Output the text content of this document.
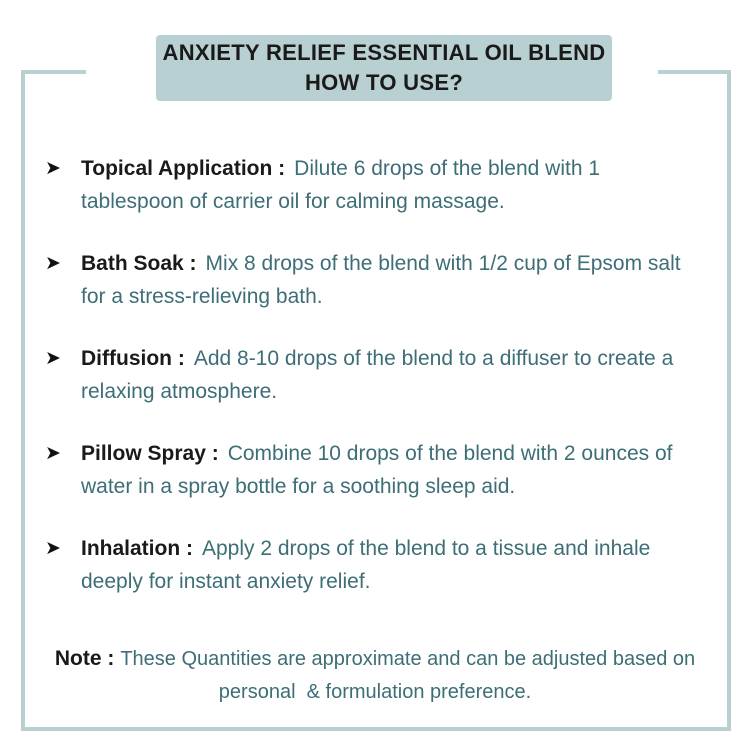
ANXIETY RELIEF ESSENTIAL OIL BLEND
HOW TO USE?
➤ Topical Application : Dilute 6 drops of the blend with 1
tablespoon of carrier oil for calming massage.
➤ Bath Soak : Mix 8 drops of the blend with 1/2 cup of Epsom salt
for a stress-relieving bath.
➤ Diffusion : Add 8-10 drops of the blend to a diffuser to create a
relaxing atmosphere.
➤ Pillow Spray : Combine 10 drops of the blend with 2 ounces of
water in a spray bottle for a soothing sleep aid.
➤ Inhalation : Apply 2 drops of the blend to a tissue and inhale
deeply for instant anxiety relief.
Note : These Quantities are approximate and can be adjusted based on
personal  & formulation preference.
